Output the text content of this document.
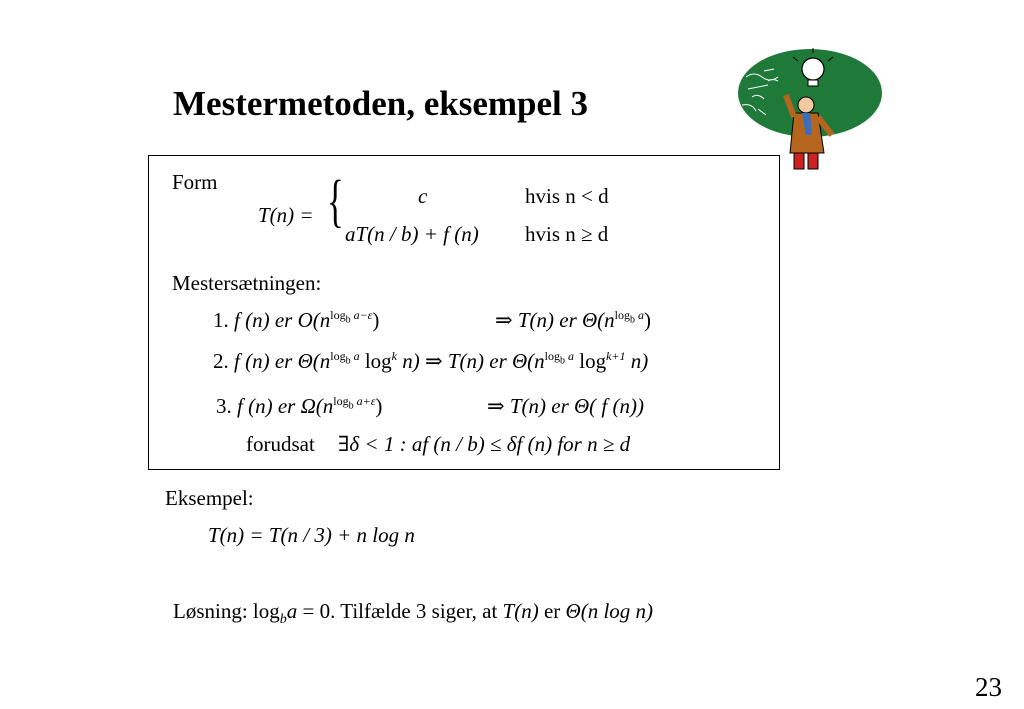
Mestermetoden, eksempel 3
Form
T(n) = {	c	hvis n < d
aT(n / b) + f (n) hvis n ≥ d
Mestersætningen:
1. f (n) er $O(n^{log_b a-\varepsilon})$	⇒ T(n) er $\Theta(n^{log_b a})$
2. f (n) er $\Theta(n^{log_b a}$ $\log^k n$) ⇒ T(n) er $\Theta(n^{log_b a}$ $\log^{k+1} n$)
3. f (n) er $\Omega(n^{log_b a+\varepsilon})$	⇒ T(n) er Θ( f (n))
forudsat ∃δ < 1 : af (n / b) ≤ δf (n) for n ≥ d
Eksempel:
T(n) = T(n / 3) + n log n
Løsning: $\log_ba = 0$. Tilfælde 3 siger, at T(n) er Θ(n log n)
23
